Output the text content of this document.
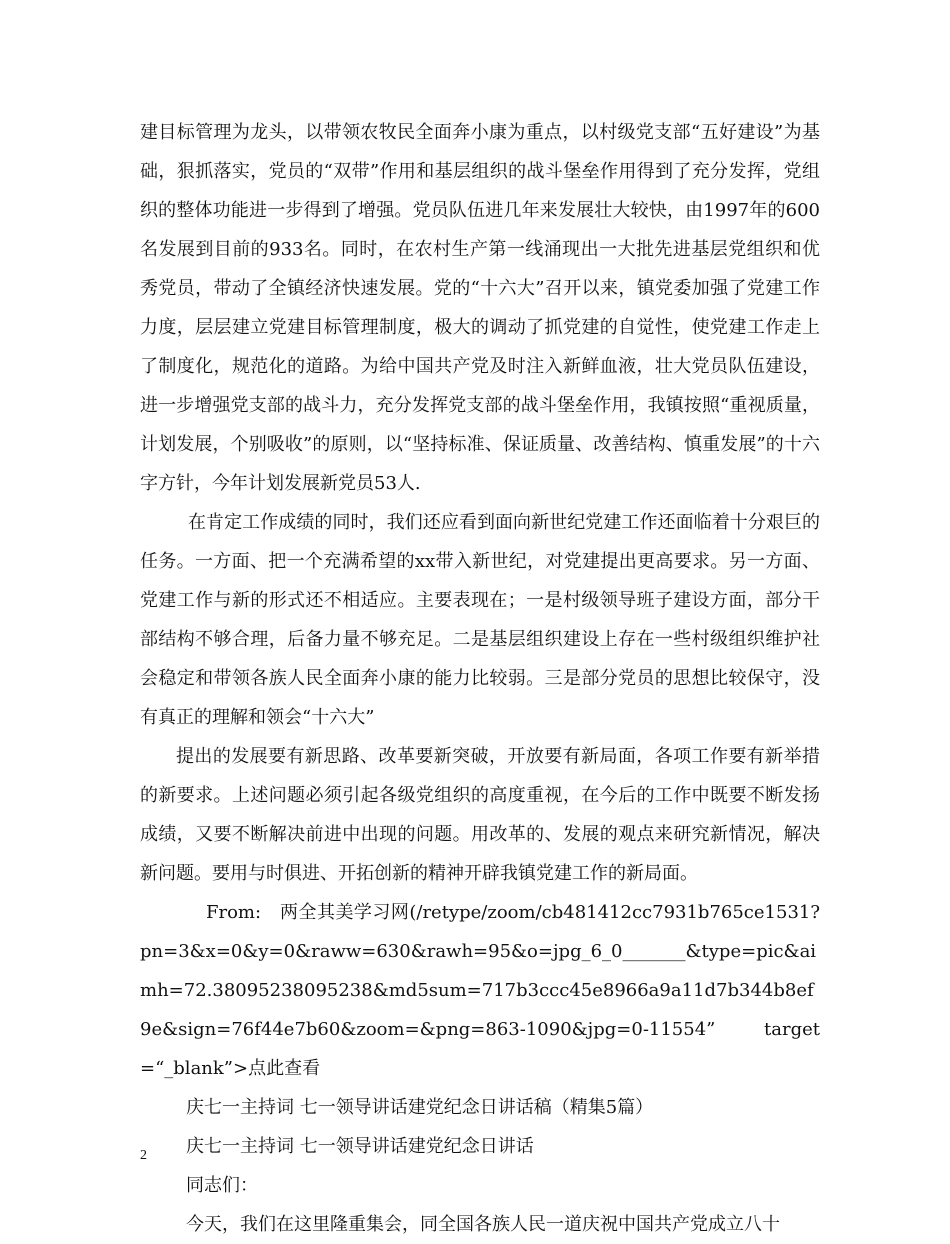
建目标管理为龙头，以带领农牧民全面奔小康为重点，以村级党支部“五好建设”为基础，狠抓落实，党员的“双带”作用和基层组织的战斗堡垒作用得到了充分发挥，党组织的整体功能进一步得到了增强。党员队伍进几年来发展壮大较快，由1997年的600名发展到目前的933名。同时，在农村生产第一线涌现出一大批先进基层党组织和优秀党员，带动了全镇经济快速发展。党的“十六大”召开以来，镇党委加强了党建工作力度，层层建立党建目标管理制度，极大的调动了抓党建的自觉性，使党建工作走上了制度化，规范化的道路。为给中国共产党及时注入新鲜血液，壮大党员队伍建设，进一步增强党支部的战斗力，充分发挥党支部的战斗堡垒作用，我镇按照“重视质量，计划发展，个别吸收”的原则，以“坚持标准、保证质量、改善结构、慎重发展”的十六字方针，今年计划发展新党员53人.

在肯定工作成绩的同时，我们还应看到面向新世纪党建工作还面临着十分艰巨的任务。一方面、把一个充满希望的xx带入新世纪，对党建提出更高要求。另一方面、党建工作与新的形式还不相适应。主要表现在；一是村级领导班子建设方面，部分干部结构不够合理，后备力量不够充足。二是基层组织建设上存在一些村级组织维护社会稳定和带领各族人民全面奔小康的能力比较弱。三是部分党员的思想比较保守，没有真正的理解和领会“十六大”

提出的发展要有新思路、改革要新突破，开放要有新局面，各项工作要有新举措的新要求。上述问题必须引起各级党组织的高度重视，在今后的工作中既要不断发扬成绩，又要不断解决前进中出现的问题。用改革的、发展的观点来研究新情况，解决新问题。要用与时俱进、开拓创新的精神开辟我镇党建工作的新局面。

From:　两全其美学习网(/retype/zoom/cb481412cc7931b765ce1531?pn=3&x=0&y=0&raww=630&rawh=95&o=jpg_6_0_______&type=pic&aimh=72.38095238095238&md5sum=717b3ccc45e8966a9a11d7b344b8ef9e&sign=76f44e7b60&zoom=&png=863-1090&jpg=0-11554”　target=“_blank”>点此查看

庆七一主持词 七一领导讲话建党纪念日讲话稿（精集5篇）

庆七一主持词 七一领导讲话建党纪念日讲话

同志们：

今天，我们在这里隆重集会，同全国各族人民一道庆祝中国共产党成立八十

2
